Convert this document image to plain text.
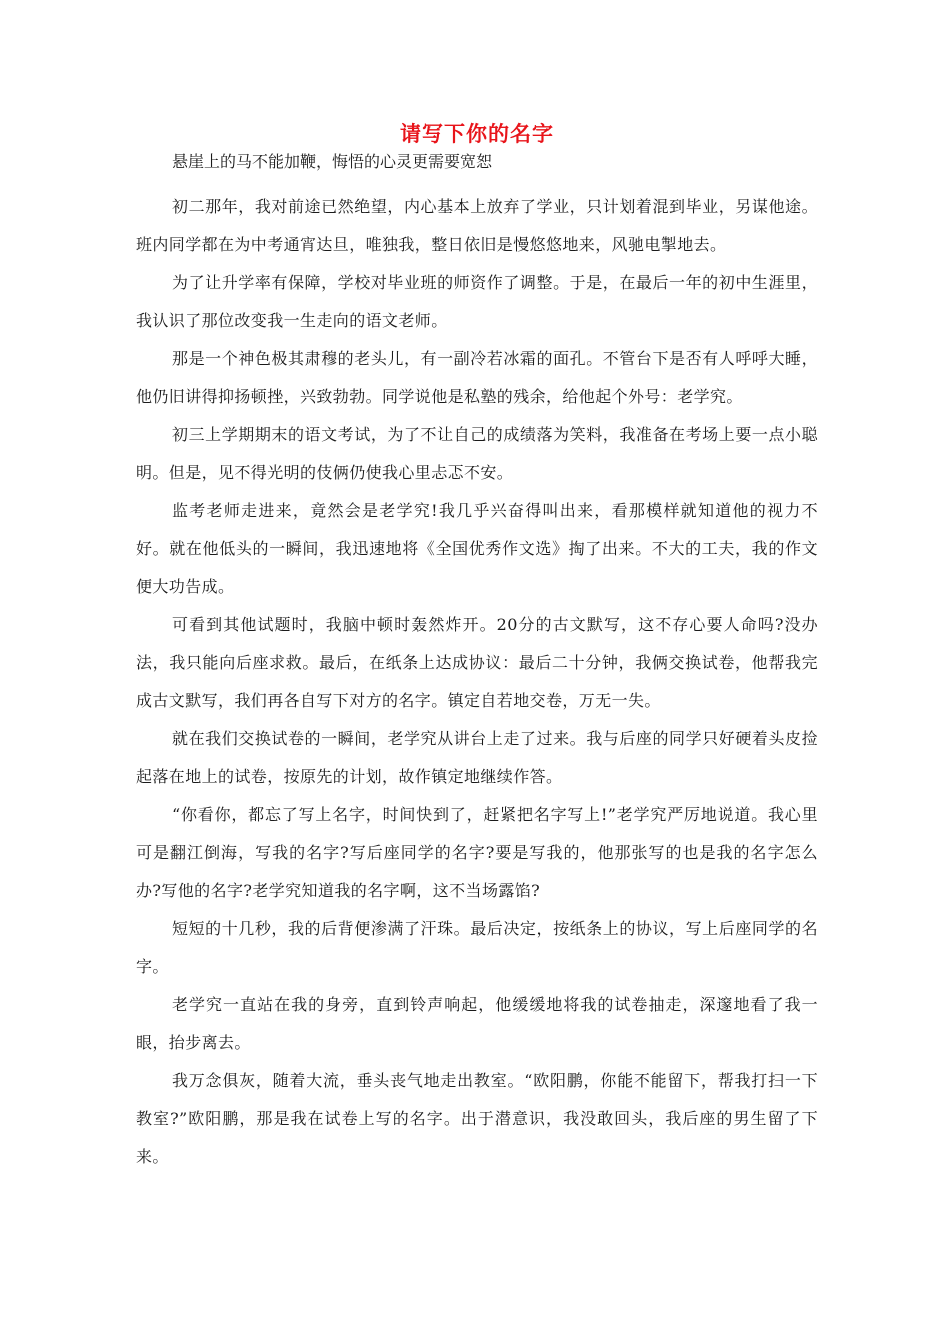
请写下你的名字

悬崖上的马不能加鞭，悔悟的心灵更需要宽恕

初二那年，我对前途已然绝望，内心基本上放弃了学业，只计划着混到毕业，另谋他途。班内同学都在为中考通宵达旦，唯独我，整日依旧是慢悠悠地来，风驰电掣地去。

为了让升学率有保障，学校对毕业班的师资作了调整。于是，在最后一年的初中生涯里，我认识了那位改变我一生走向的语文老师。

那是一个神色极其肃穆的老头儿，有一副冷若冰霜的面孔。不管台下是否有人呼呼大睡，他仍旧讲得抑扬顿挫，兴致勃勃。同学说他是私塾的残余，给他起个外号：老学究。

初三上学期期末的语文考试，为了不让自己的成绩落为笑料，我准备在考场上要一点小聪明。但是，见不得光明的伎俩仍使我心里忐忑不安。

监考老师走进来，竟然会是老学究!我几乎兴奋得叫出来，看那模样就知道他的视力不好。就在他低头的一瞬间，我迅速地将《全国优秀作文选》掏了出来。不大的工夫，我的作文便大功告成。

可看到其他试题时，我脑中顿时轰然炸开。20分的古文默写，这不存心要人命吗?没办法，我只能向后座求救。最后，在纸条上达成协议：最后二十分钟，我俩交换试卷，他帮我完成古文默写，我们再各自写下对方的名字。镇定自若地交卷，万无一失。

就在我们交换试卷的一瞬间，老学究从讲台上走了过来。我与后座的同学只好硬着头皮捡起落在地上的试卷，按原先的计划，故作镇定地继续作答。

“你看你，都忘了写上名字，时间快到了，赶紧把名字写上!”老学究严厉地说道。我心里可是翻江倒海，写我的名字?写后座同学的名字?要是写我的，他那张写的也是我的名字怎么办?写他的名字?老学究知道我的名字啊，这不当场露馅?

短短的十几秒，我的后背便渗满了汗珠。最后决定，按纸条上的协议，写上后座同学的名字。

老学究一直站在我的身旁，直到铃声响起，他缓缓地将我的试卷抽走，深邃地看了我一眼，抬步离去。

我万念俱灰，随着大流，垂头丧气地走出教室。“欧阳鹏，你能不能留下，帮我打扫一下教室?”欧阳鹏，那是我在试卷上写的名字。出于潜意识，我没敢回头，我后座的男生留了下来。
